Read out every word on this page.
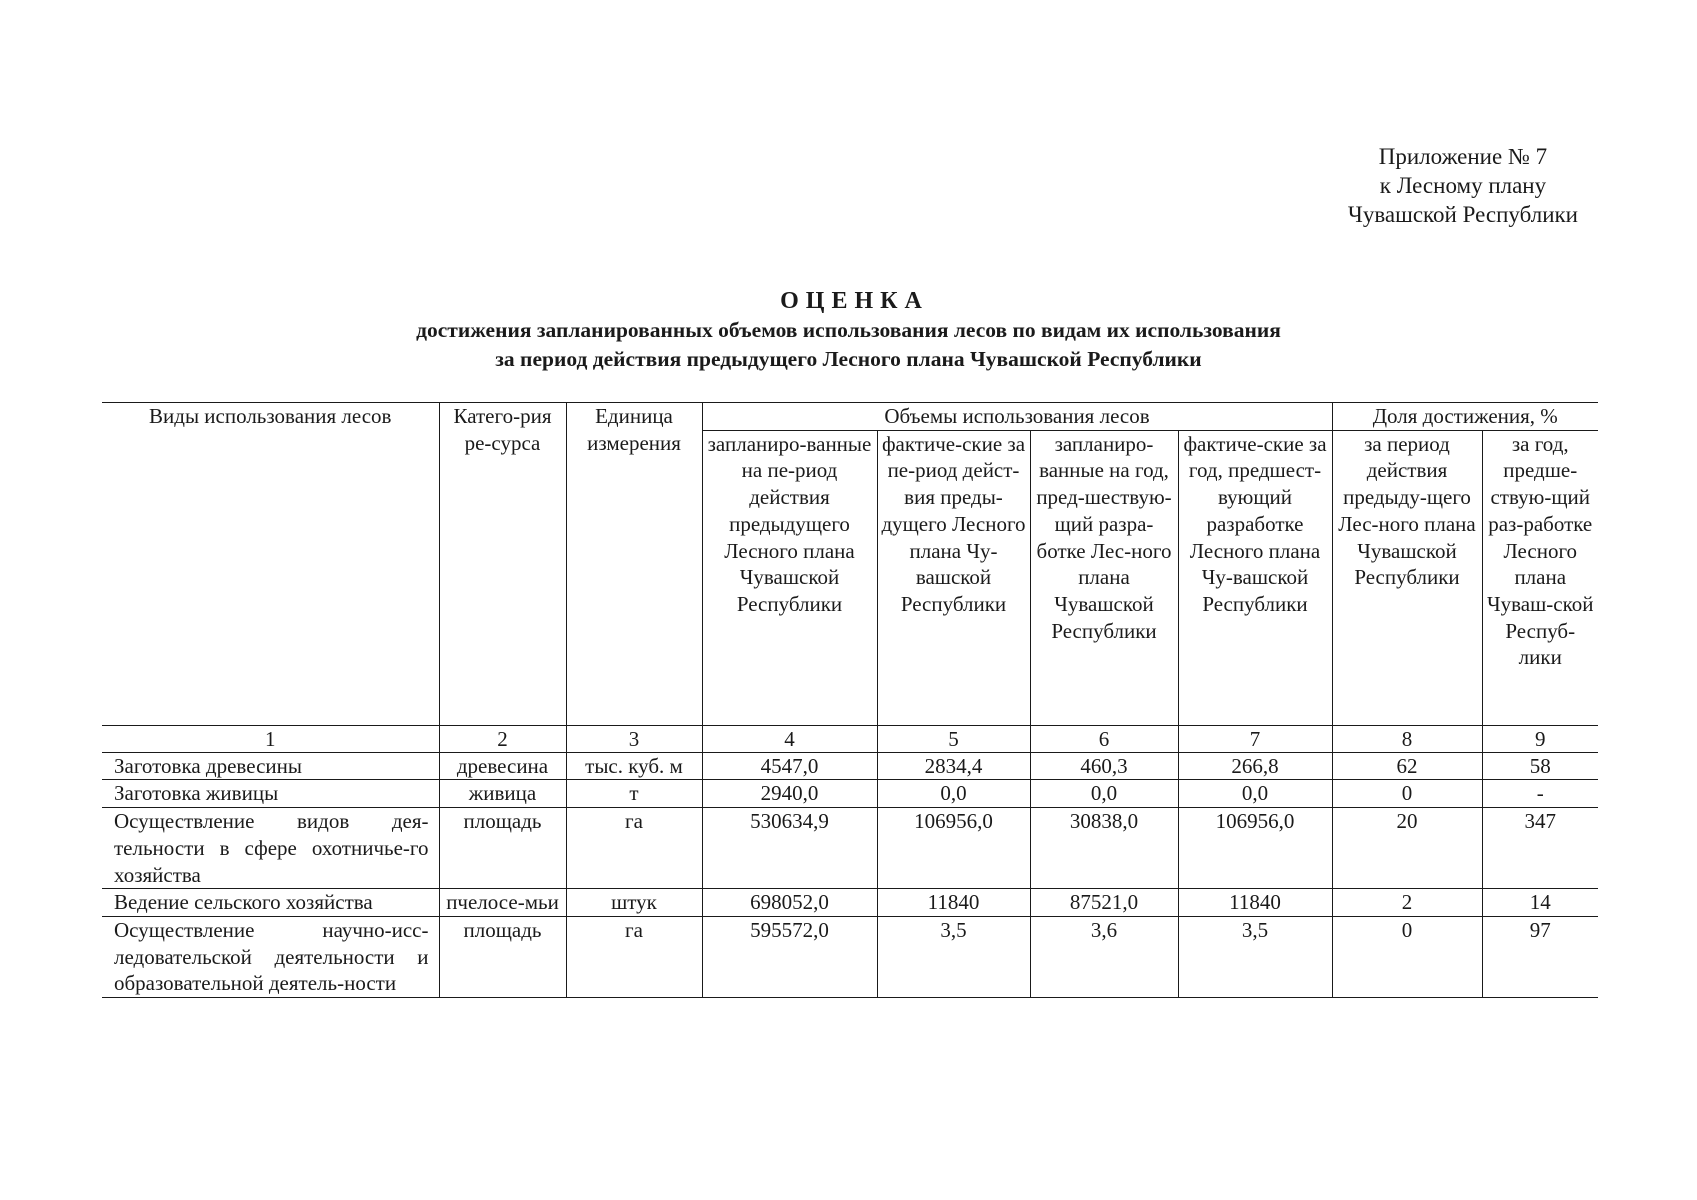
Приложение № 7
к Лесному плану
Чувашской Республики
ОЦЕНКА
достижения запланированных объемов использования лесов по видам их использования
за период действия предыдущего Лесного плана Чувашской Республики
Виды использования лесов	Катего-рия ре-сурса	Единица измерения	Объемы использования лесов				Доля достижения, %	
			запланиро-ванные на пе-риод действия предыдущего Лесного плана Чувашской Республики	фактиче-ские за пе-риод дейст-вия преды-дущего Лесного плана Чу-вашской Республики	запланиро-ванные на год, пред-шествую-щий разра-ботке Лес-ного плана Чувашской Республики	фактиче-ские за год, предшест-вующий разработке Лесного плана Чу-вашской Республики	за период действия предыду-щего Лес-ного плана Чувашской Республики	за год, предше-ствую-щий раз-работке Лесного плана Чуваш-ской Респуб-лики
1	2	3	4	5	6	7	8	9
Заготовка древесины	древесина	тыс. куб. м	4547,0	2834,4	460,3	266,8	62	58
Заготовка живицы	живица	т	2940,0	0,0	0,0	0,0	0	-
Осуществление видов дея-тельности в сфере охотничье-го хозяйства	площадь	га	530634,9	106956,0	30838,0	106956,0	20	347
Ведение сельского хозяйства	пчелосе-мьи	штук	698052,0	11840	87521,0	11840	2	14
Осуществление научно-исс-ледовательской деятельности и образовательной деятель-ности	площадь	га	595572,0	3,5	3,6	3,5	0	97
